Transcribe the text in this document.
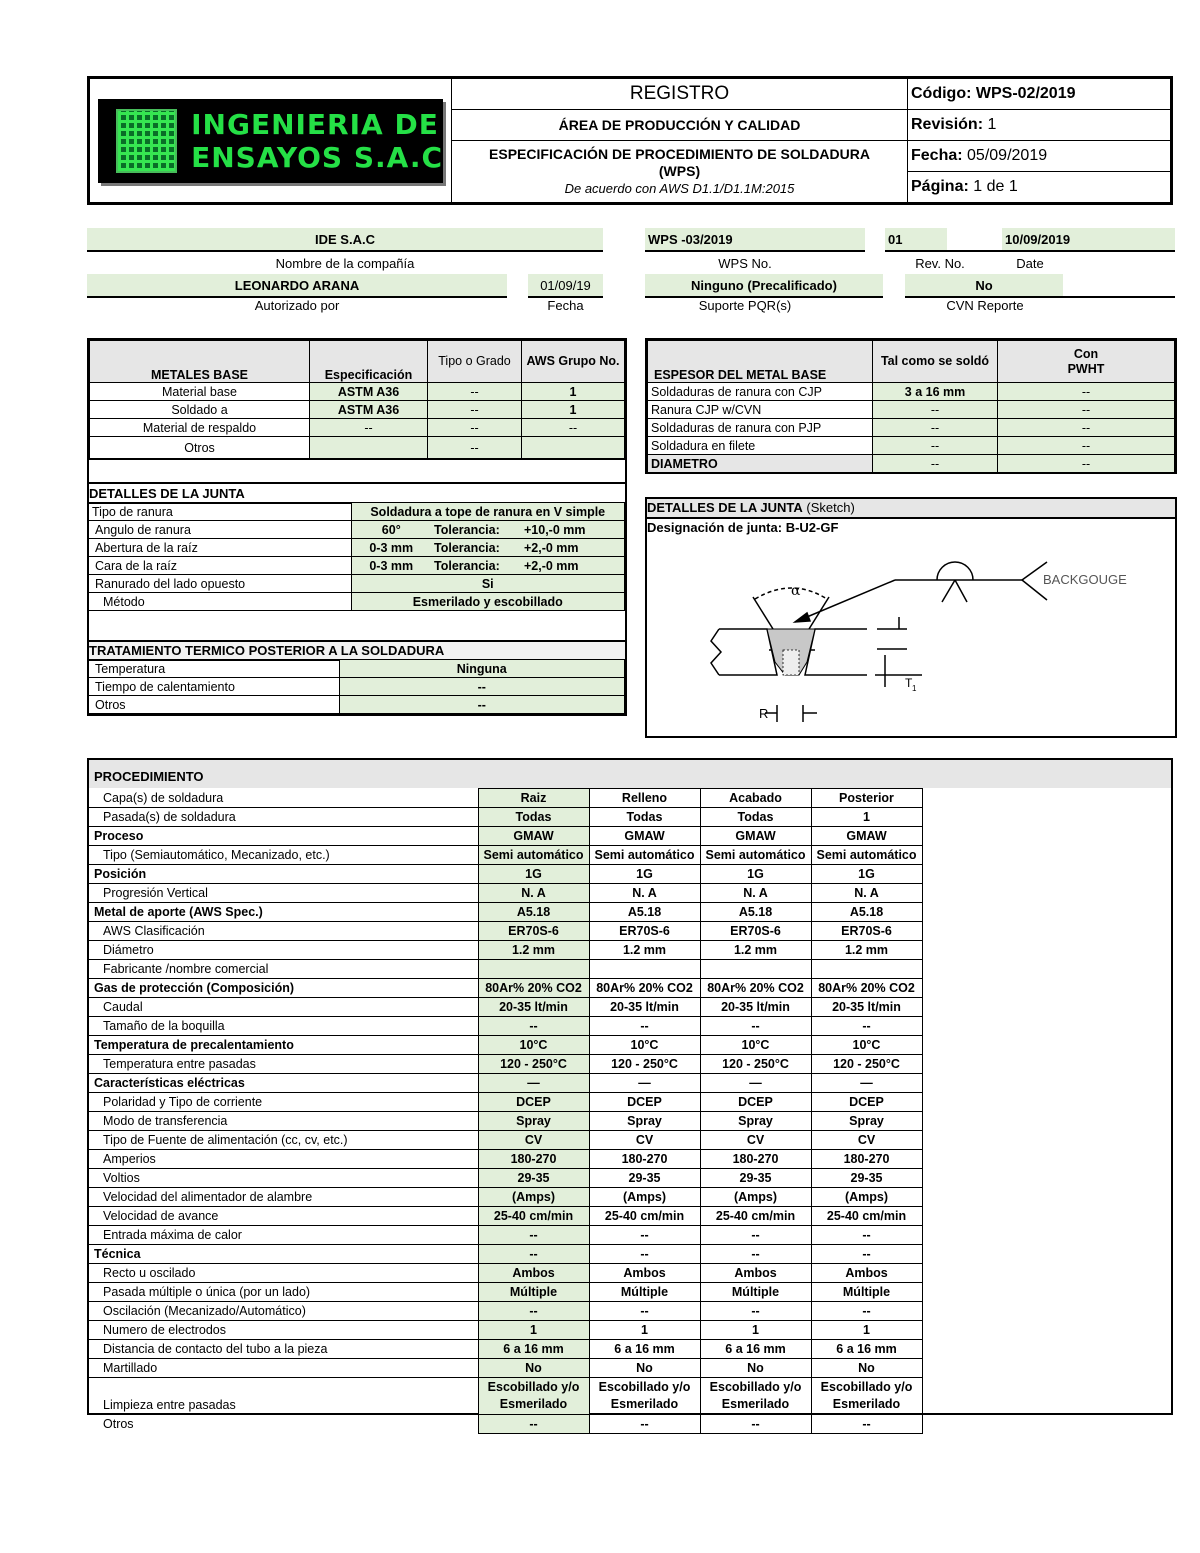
INGENIERIA DE
ENSAYOS S.A.C	REGISTRO	Código: WPS-02/2019
	ÁREA DE PRODUCCIÓN Y CALIDAD	Revisión: 1

	ESPECIFICACIÓN DE PROCEDIMIENTO DE SOLDADURA (WPS)
De acuerdo con AWS D1.1/D1.1M:2015	Fecha: 05/09/2019
		Página: 1 de 1
IDE S.A.C
Nombre de la compañía
LEONARDO ARANA
Autorizado por
01/09/19
Fecha
WPS -03/2019
WPS No.
01
Rev. No.
10/09/2019
Date
Ninguno (Precalificado)
Suporte PQR(s)
No
CVN Reporte
METALES BASE	Especificación	Tipo o Grado	AWS Grupo No.
Material base	ASTM A36	--	1
Soldado a	ASTM A36	--	1
Material de respaldo	--	--	--
Otros		--	
ESPESOR DEL METAL BASE	Tal como se soldó	Con PWHT
Soldaduras de ranura con CJP	3 a 16 mm	--
Ranura CJP w/CVN	--	--
Soldaduras de ranura con PJP	--	--
Soldadura en filete	--	--
DIAMETRO	--	--
DETALLES DE LA JUNTA
Tipo de ranura	Soldadura a tope de ranura en V simple		
Angulo de ranura	60°	Tolerancia:	+10,-0 mm
Abertura de la raíz	0-3 mm	Tolerancia:	+2,-0 mm
Cara de la raíz	0-3 mm	Tolerancia:	+2,-0 mm
Ranurado del lado opuesto	Si		
Método	Esmerilado y escobillado		
TRATAMIENTO TERMICO POSTERIOR A LA SOLDADURA
Temperatura	Ninguna
Tiempo de calentamiento	--
Otros	--
DETALLES DE LA JUNTA (Sketch)
Designación de junta: B-U2-GF
α
BACKGOUGE
R
T 1
PROCEDIMIENTO
Capa(s) de soldadura	Raiz	Relleno	Acabado	Posterior
Pasada(s) de soldadura	Todas	Todas	Todas	1
Proceso	GMAW	GMAW	GMAW	GMAW
Tipo (Semiautomático, Mecanizado, etc.)	Semi automático	Semi automático	Semi automático	Semi automático
Posición	1G	1G	1G	1G
Progresión Vertical	N. A	N. A	N. A	N. A
Metal de aporte (AWS Spec.)	A5.18	A5.18	A5.18	A5.18
AWS Clasificación	ER70S-6	ER70S-6	ER70S-6	ER70S-6
Diámetro	1.2 mm	1.2 mm	1.2 mm	1.2 mm
Fabricante /nombre comercial				
Gas de protección (Composición)	80Ar% 20% CO2	80Ar% 20% CO2	80Ar% 20% CO2	80Ar% 20% CO2
Caudal	20-35 lt/min	20-35 lt/min	20-35 lt/min	20-35 lt/min
Tamaño de la boquilla	--	--	--	--
Temperatura de precalentamiento	10°C	10°C	10°C	10°C
Temperatura entre pasadas	120 - 250°C	120 - 250°C	120 - 250°C	120 - 250°C
Características eléctricas	—	—	—	—
Polaridad y Tipo de corriente	DCEP	DCEP	DCEP	DCEP
Modo de transferencia	Spray	Spray	Spray	Spray
Tipo de Fuente de alimentación (cc, cv, etc.)	CV	CV	CV	CV
Amperios	180-270	180-270	180-270	180-270
Voltios	29-35	29-35	29-35	29-35
Velocidad del alimentador de alambre	(Amps)	(Amps)	(Amps)	(Amps)
Velocidad de avance	25-40 cm/min	25-40 cm/min	25-40 cm/min	25-40 cm/min
Entrada máxima de calor	--	--	--	--
Técnica	--	--	--	--
Recto u oscilado	Ambos	Ambos	Ambos	Ambos
Pasada múltiple o única (por un lado)	Múltiple	Múltiple	Múltiple	Múltiple
Oscilación (Mecanizado/Automático)	--	--	--	--
Numero de electrodos	1	1	1	1
Distancia de contacto del tubo a la pieza	6 a 16 mm	6 a 16 mm	6 a 16 mm	6 a 16 mm
Martillado	No	No	No	No
Limpieza entre pasadas	Escobillado y/o Esmerilado	Escobillado y/o Esmerilado	Escobillado y/o Esmerilado	Escobillado y/o Esmerilado
Otros	--	--	--	--
